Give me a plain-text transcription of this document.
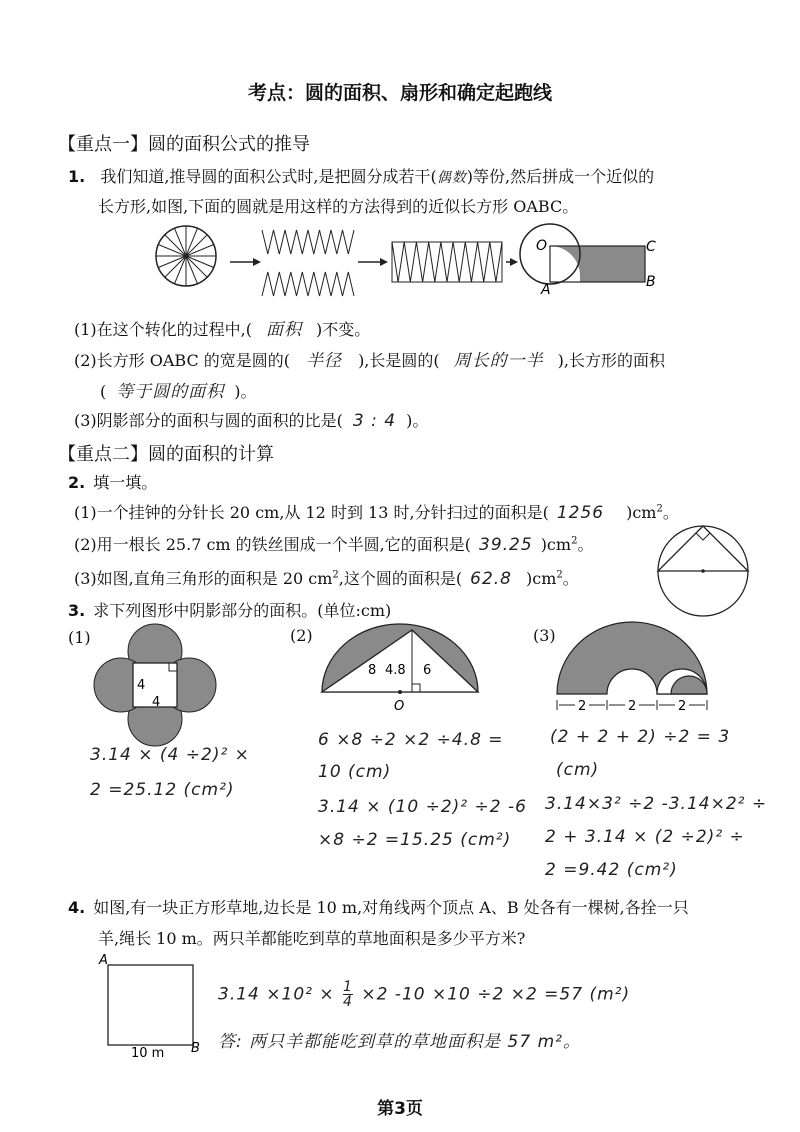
考点：圆的面积、扇形和确定起跑线
【重点一】圆的面积公式的推导
1. 我们知道,推导圆的面积公式时,是把圆分成若干(偶数)等份,然后拼成一个近似的
长方形,如图,下面的圆就是用这样的方法得到的近似长方形 OABC。
O	C
A	B
(1)在这个转化的过程中,( 面积 )不变。
(2)长方形 OABC 的宽是圆的( 半径 ),长是圆的( 周长的一半 ),长方形的面积
( 等于圆的面积 )。
(3)阴影部分的面积与圆的面积的比是( 3 : 4 )。
【重点二】圆的面积的计算
2. 填一填。
(1)一个挂钟的分针长 20 cm,从 12 时到 13 时,分针扫过的面积是( 1256 )$cm^2$。
(2)用一根长 25.7 cm 的铁丝围成一个半圆,它的面积是( 39.25 )$cm^2$。
(3)如图,直角三角形的面积是 20 $cm^2$,这个圆的面积是( 62.8 )$cm^2$。
3. 求下列图形中阴影部分的面积。(单位:cm)
(1)
4
4
(2)
8 4.8 6
O
(3)
2	2	2
3.14 × (4 ÷2)² ×
2 =25.12 (cm²)
6 ×8 ÷2 ×2 ÷4.8 =
10 (cm)
3.14 × (10 ÷2)² ÷2 -6
×8 ÷2 =15.25 (cm²)
(2 + 2 + 2) ÷2 = 3
(cm)
3.14×3² ÷2 -3.14×2² ÷
2 + 3.14 × (2 ÷2)² ÷
2 =9.42 (cm²)
4. 如图,有一块正方形草地,边长是 10 m,对角线两个顶点 A、B 处各有一棵树,各拴一只
羊,绳长 10 m。两只羊都能吃到草的草地面积是多少平方米?
A
B
10 m
$3.14 \times 10^2 \times \frac{1}{4} \times 2$ -10 ×10 ÷2 ×2 =57 (m²)
答: 两只羊都能吃到草的草地面积是 57 m²。
第3页
